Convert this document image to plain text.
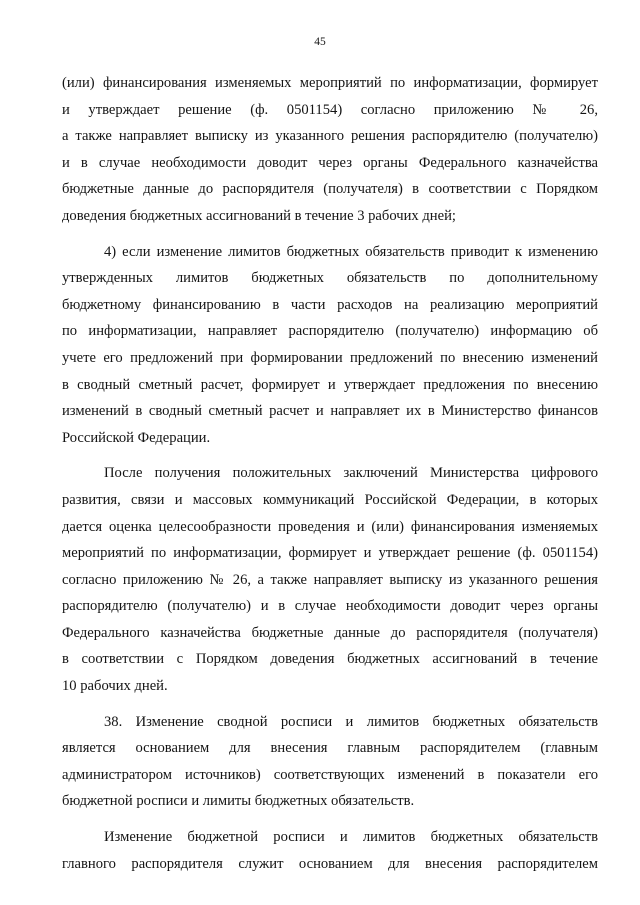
45
(или) финансирования изменяемых мероприятий по информатизации, формирует
и утверждает решение (ф. 0501154) согласно приложению № 26,
а также направляет выписку из указанного решения распорядителю (получателю)
и в случае необходимости доводит через органы Федерального казначейства
бюджетные данные до распорядителя (получателя) в соответствии с Порядком
доведения бюджетных ассигнований в течение 3 рабочих дней;
4) если изменение лимитов бюджетных обязательств приводит к изменению
утвержденных лимитов бюджетных обязательств по дополнительному
бюджетному финансированию в части расходов на реализацию мероприятий
по информатизации, направляет распорядителю (получателю) информацию об
учете его предложений при формировании предложений по внесению изменений
в сводный сметный расчет, формирует и утверждает предложения по внесению
изменений в сводный сметный расчет и направляет их в Министерство финансов
Российской Федерации.
После получения положительных заключений Министерства цифрового
развития, связи и массовых коммуникаций Российской Федерации, в которых
дается оценка целесообразности проведения и (или) финансирования изменяемых
мероприятий по информатизации, формирует и утверждает решение (ф. 0501154)
согласно приложению № 26, а также направляет выписку из указанного решения
распорядителю (получателю) и в случае необходимости доводит через органы
Федерального казначейства бюджетные данные до распорядителя (получателя)
в соответствии с Порядком доведения бюджетных ассигнований в течение
10 рабочих дней.
38. Изменение сводной росписи и лимитов бюджетных обязательств
является основанием для внесения главным распорядителем (главным
администратором источников) соответствующих изменений в показатели его
бюджетной росписи и лимиты бюджетных обязательств.
Изменение бюджетной росписи и лимитов бюджетных обязательств
главного распорядителя служит основанием для внесения распорядителем
